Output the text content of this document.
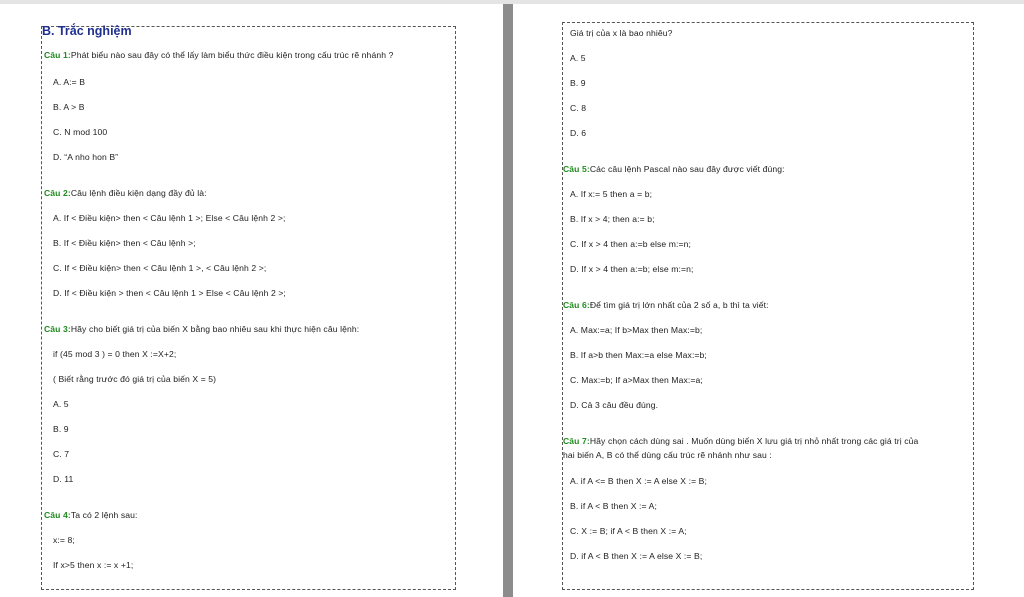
B. Trắc nghiệm
Câu 1:Phát biểu nào sau đây có thể lấy làm biểu thức điều kiện trong cấu trúc rẽ nhánh ?
A. A:= B
B. A > B
C. N mod 100
D. “A nho hon B”
Câu 2:Câu lệnh điều kiện dạng đầy đủ là:
A. If < Điều kiện> then < Câu lệnh 1 >; Else < Câu lệnh 2 >;
B. If < Điều kiện> then < Câu lệnh >;
C. If < Điều kiện> then < Câu lệnh 1 >, < Câu lệnh 2 >;
D. If < Điều kiện > then < Câu lệnh 1 > Else < Câu lệnh 2 >;
Câu 3:Hãy cho biết giá trị của biến X bằng bao nhiêu sau khi thực hiện câu lệnh:
if (45 mod 3 ) = 0 then X :=X+2;
( Biết rằng trước đó giá trị của biến X = 5)
A. 5
B. 9
C. 7
D. 11
Câu 4:Ta có 2 lệnh sau:
x:= 8;
If x>5 then x := x +1;
Giá trị của x là bao nhiêu?
A. 5
B. 9
C. 8
D. 6
Câu 5:Các câu lệnh Pascal nào sau đây được viết đúng:
A. If x:= 5 then a = b;
B. If x > 4; then a:= b;
C. If x > 4 then a:=b else m:=n;
D. If x > 4 then a:=b; else m:=n;
Câu 6:Để tìm giá trị lớn nhất của 2 số a, b thì ta viết:
A. Max:=a; If b>Max then Max:=b;
B. If a>b then Max:=a else Max:=b;
C. Max:=b; If a>Max then Max:=a;
D. Cả 3 câu đều đúng.
Câu 7:Hãy chọn cách dùng sai . Muốn dùng biến X lưu giá trị nhỏ nhất trong các giá trị của
hai biến A, B có thể dùng cấu trúc rẽ nhánh như sau :
A. if A <= B then X := A else X := B;
B. if A < B then X := A;
C. X := B; if A < B then X := A;
D. if A < B then X := A else X := B;
